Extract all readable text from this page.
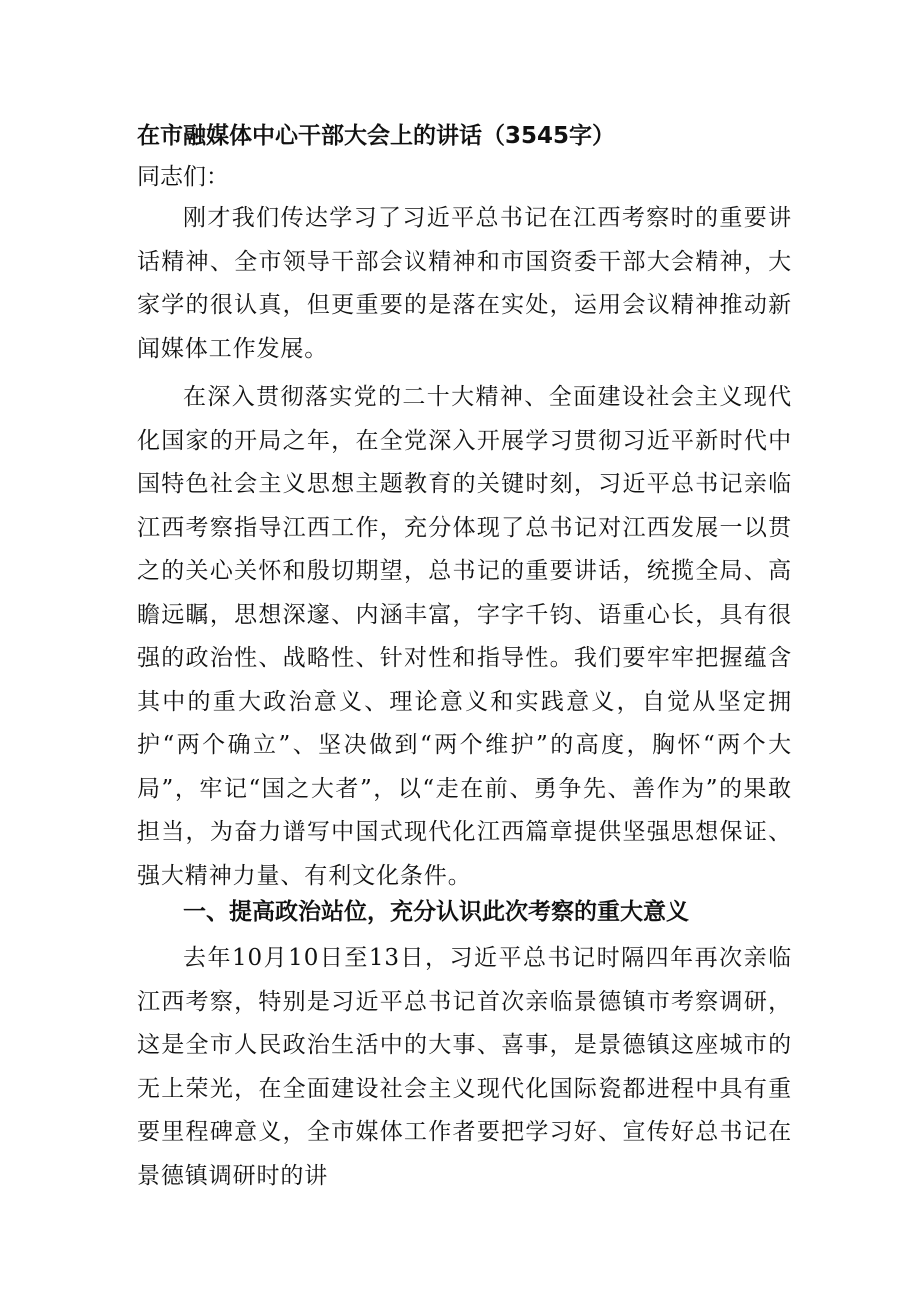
在市融媒体中心干部大会上的讲话（3545字）
同志们：

刚才我们传达学习了习近平总书记在江西考察时的重要讲话精神、全市领导干部会议精神和市国资委干部大会精神，大家学的很认真，但更重要的是落在实处，运用会议精神推动新闻媒体工作发展。

在深入贯彻落实党的二十大精神、全面建设社会主义现代化国家的开局之年，在全党深入开展学习贯彻习近平新时代中国特色社会主义思想主题教育的关键时刻，习近平总书记亲临江西考察指导江西工作，充分体现了总书记对江西发展一以贯之的关心关怀和殷切期望，总书记的重要讲话，统揽全局、高瞻远瞩，思想深邃、内涵丰富，字字千钧、语重心长，具有很强的政治性、战略性、针对性和指导性。我们要牢牢把握蕴含其中的重大政治意义、理论意义和实践意义，自觉从坚定拥护“两个确立”、坚决做到“两个维护”的高度，胸怀“两个大局”，牢记“国之大者”，以“走在前、勇争先、善作为”的果敢担当，为奋力谱写中国式现代化江西篇章提供坚强思想保证、强大精神力量、有利文化条件。

一、提高政治站位，充分认识此次考察的重大意义

去年10月10日至13日，习近平总书记时隔四年再次亲临江西考察，特别是习近平总书记首次亲临景德镇市考察调研，这是全市人民政治生活中的大事、喜事，是景德镇这座城市的无上荣光，在全面建设社会主义现代化国际瓷都进程中具有重要里程碑意义，全市媒体工作者要把学习好、宣传好总书记在景德镇调研时的讲
